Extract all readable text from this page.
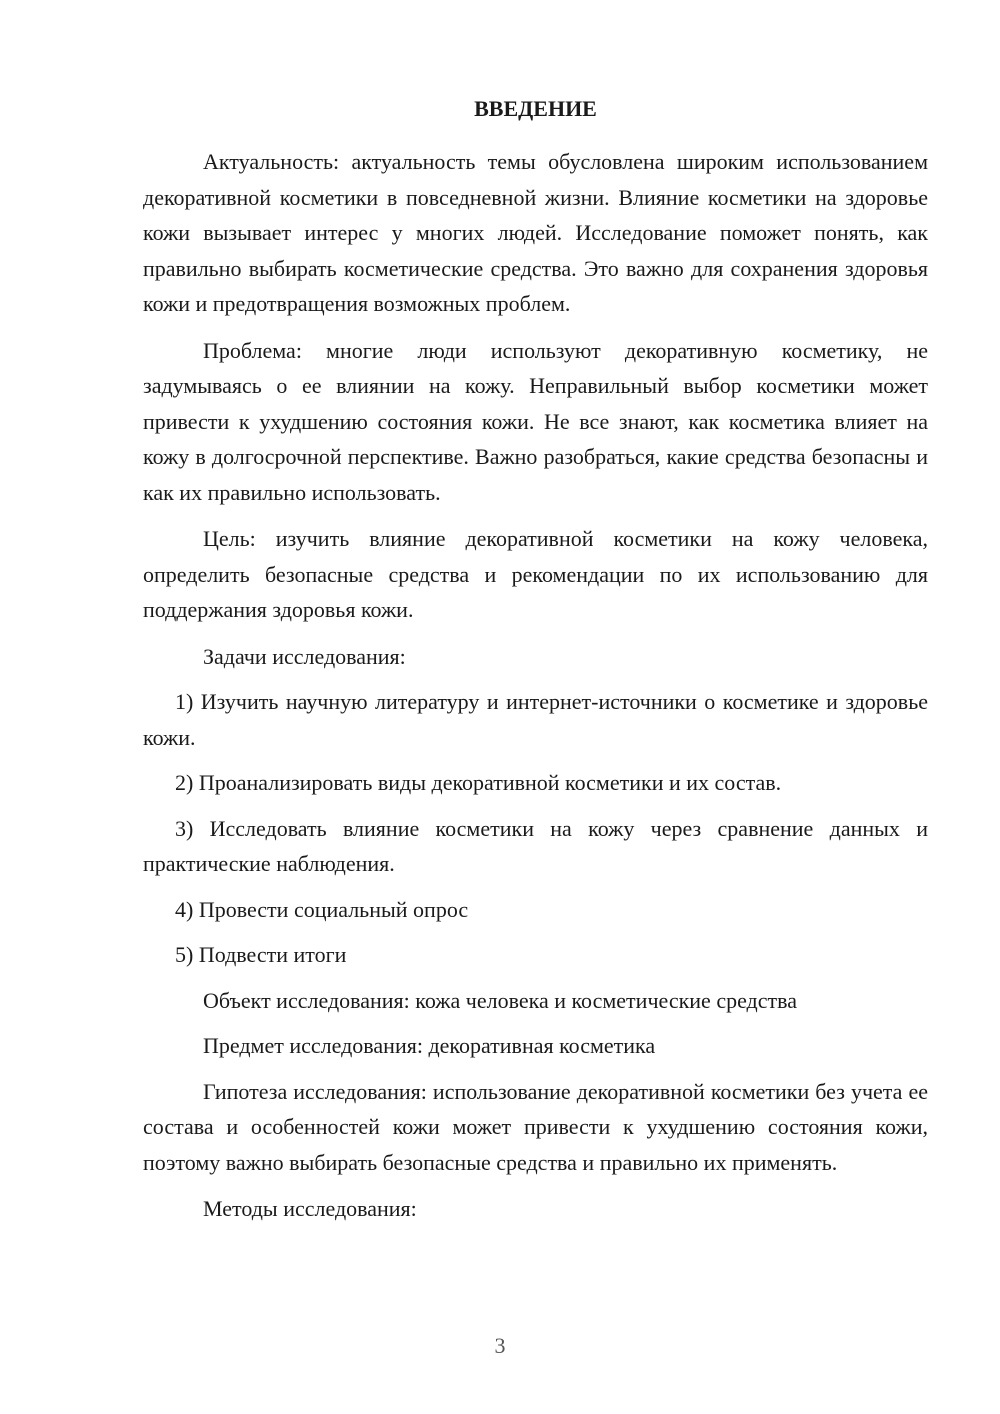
ВВЕДЕНИЕ

Актуальность: актуальность темы обусловлена широким использованием декоративной косметики в повседневной жизни. Влияние косметики на здоровье кожи вызывает интерес у многих людей. Исследование поможет понять, как правильно выбирать косметические средства. Это важно для сохранения здоровья кожи и предотвращения возможных проблем.

Проблема: многие люди используют декоративную косметику, не задумываясь о ее влиянии на кожу. Неправильный выбор косметики может привести к ухудшению состояния кожи. Не все знают, как косметика влияет на кожу в долгосрочной перспективе. Важно разобраться, какие средства безопасны и как их правильно использовать.

Цель: изучить влияние декоративной косметики на кожу человека, определить безопасные средства и рекомендации по их использованию для поддержания здоровья кожи.

Задачи исследования:

1) Изучить научную литературу и интернет-источники о косметике и здоровье кожи.

2) Проанализировать виды декоративной косметики и их состав.

3) Исследовать влияние косметики на кожу через сравнение данных и практические наблюдения.

4) Провести социальный опрос

5) Подвести итоги

Объект исследования: кожа человека и косметические средства

Предмет исследования: декоративная косметика

Гипотеза исследования: использование декоративной косметики без учета ее состава и особенностей кожи может привести к ухудшению состояния кожи, поэтому важно выбирать безопасные средства и правильно их применять.

Методы исследования:

3
